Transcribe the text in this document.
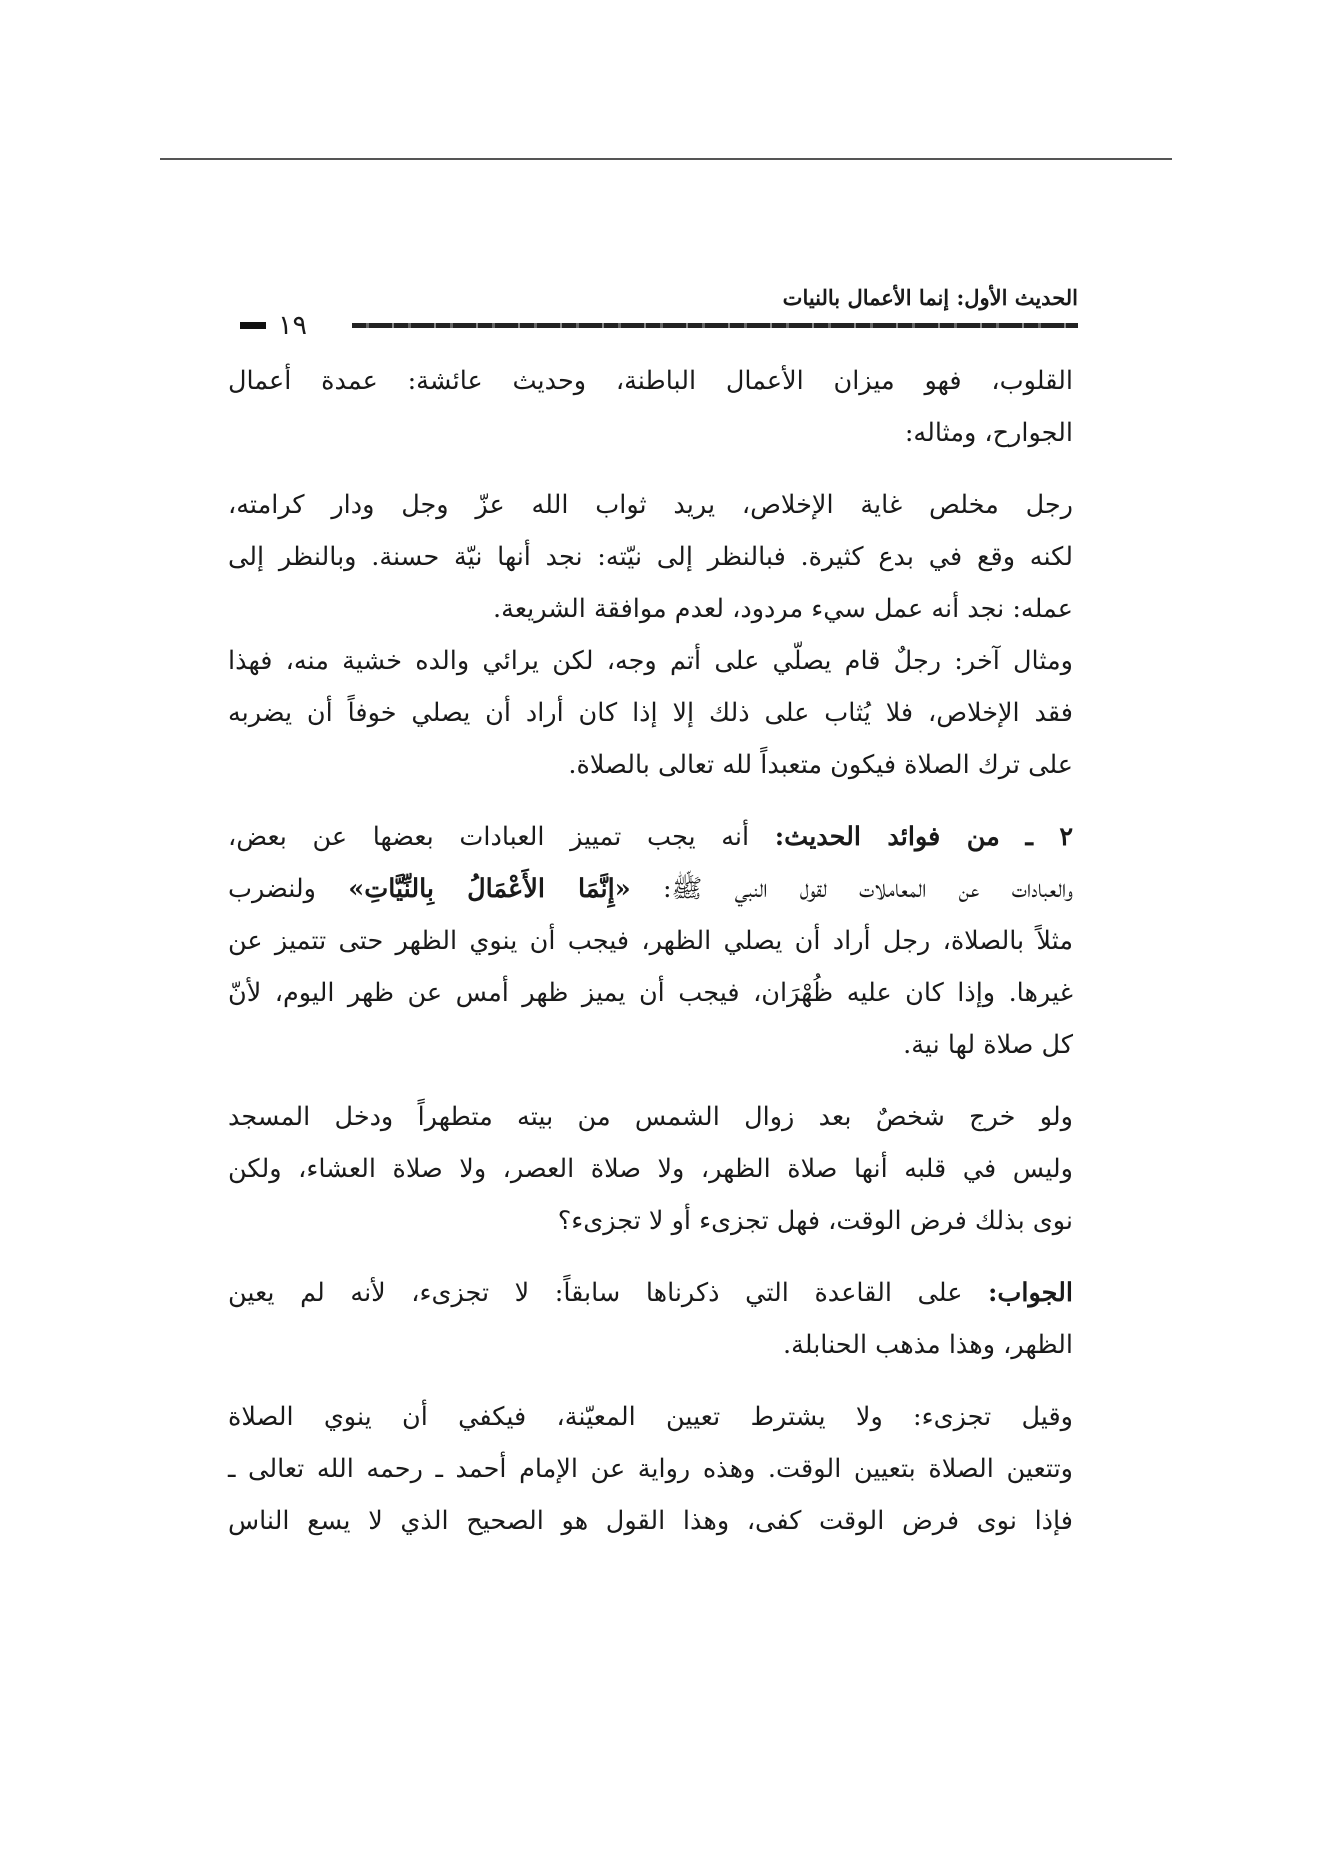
الحديث الأول: إنما الأعمال بالنيات
١٩
القلوب، فهو ميزان الأعمال الباطنة، وحديث عائشة: عمدة أعمال
الجوارح، ومثاله:
رجل مخلص غاية الإخلاص، يريد ثواب الله عزّ وجل ودار كرامته،
لكنه وقع في بدع كثيرة. فبالنظر إلى نيّته: نجد أنها نيّة حسنة. وبالنظر إلى
عمله: نجد أنه عمل سيء مردود، لعدم موافقة الشريعة.
ومثال آخر: رجلٌ قام يصلّي على أتم وجه، لكن يرائي والده خشية منه، فهذا
فقد الإخلاص، فلا يُثاب على ذلك إلا إذا كان أراد أن يصلي خوفاً أن يضربه
على ترك الصلاة فيكون متعبداً لله تعالى بالصلاة.
٢ ـ من فوائد الحديث: أنه يجب تمييز العبادات بعضها عن بعض،
والعبادات عن المعاملات لقول النبي ﷺ: «إِنَّمَا الأَعْمَالُ بِالنِّيَّاتِ» ولنضرب
مثلاً بالصلاة، رجل أراد أن يصلي الظهر، فيجب أن ينوي الظهر حتى تتميز عن
غيرها. وإذا كان عليه ظُهْرَان، فيجب أن يميز ظهر أمس عن ظهر اليوم، لأنّ
كل صلاة لها نية.
ولو خرج شخصٌ بعد زوال الشمس من بيته متطهراً ودخل المسجد
وليس في قلبه أنها صلاة الظهر، ولا صلاة العصر، ولا صلاة العشاء، ولكن
نوى بذلك فرض الوقت، فهل تجزىء أو لا تجزىء؟
الجواب: على القاعدة التي ذكرناها سابقاً: لا تجزىء، لأنه لم يعين
الظهر، وهذا مذهب الحنابلة.
وقيل تجزىء: ولا يشترط تعيين المعيّنة، فيكفي أن ينوي الصلاة
وتتعين الصلاة بتعيين الوقت. وهذه رواية عن الإمام أحمد ـ رحمه الله تعالى ـ
فإذا نوى فرض الوقت كفى، وهذا القول هو الصحيح الذي لا يسع الناس
